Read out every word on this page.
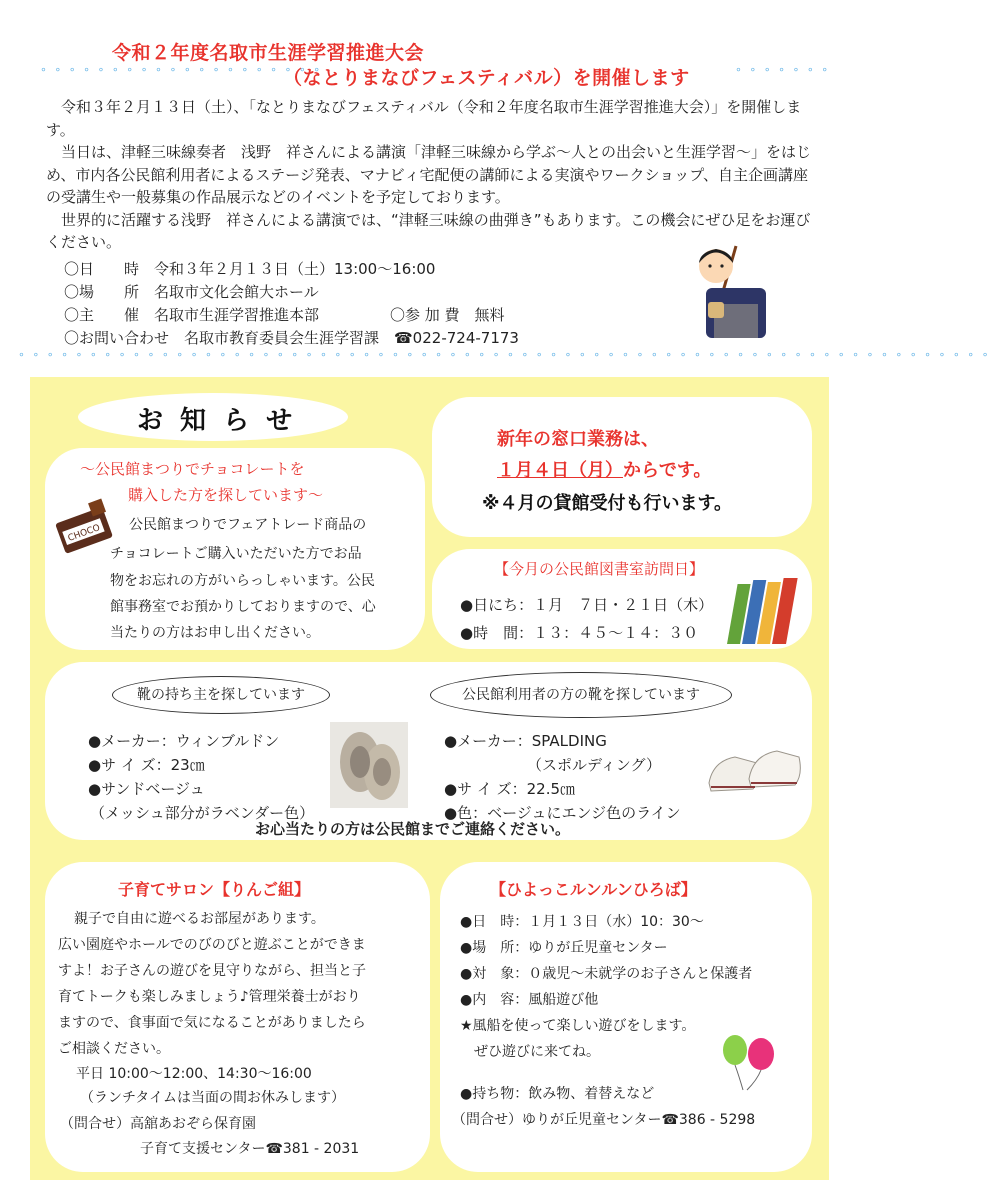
令和２年度名取市生涯学習推進大会
（なとりまなびフェスティバル）を開催します
∘ ∘ ∘ ∘ ∘ ∘ ∘ ∘ ∘ ∘ ∘ ∘ ∘ ∘ ∘ ∘ ∘ ∘ ∘ ∘	∘ ∘ ∘ ∘ ∘ ∘ ∘

令和３年２月１３日（土）、「なとりまなびフェスティバル（令和２年度名取市生涯学習推進大会）」を開催します。

当日は、津軽三味線奏者　浅野　祥さんによる講演「津軽三味線から学ぶ～人との出会いと生涯学習～」をはじめ、市内各公民館利用者によるステージ発表、マナビィ宅配便の講師による実演やワークショップ、自主企画講座の受講生や一般募集の作品展示などのイベントを予定しております。

世界的に活躍する浅野　祥さんによる講演では、“津軽三味線の曲弾き”もあります。この機会にぜひ足をお運びください。

〇日　　時　令和３年２月１３日（土）13:00～16:00
〇場　　所　名取市文化会館大ホール
〇主　　催　名取市生涯学習推進本部	〇参 加 費　無料
〇お問い合わせ　名取市教育委員会生涯学習課　☎022-724-7173
∘ ∘ ∘ ∘ ∘ ∘ ∘ ∘ ∘ ∘ ∘ ∘ ∘ ∘ ∘ ∘ ∘ ∘ ∘ ∘ ∘ ∘ ∘ ∘ ∘ ∘ ∘ ∘ ∘ ∘ ∘ ∘ ∘ ∘ ∘ ∘ ∘ ∘ ∘ ∘ ∘ ∘ ∘ ∘ ∘ ∘ ∘ ∘ ∘ ∘ ∘ ∘ ∘ ∘ ∘ ∘ ∘ ∘ ∘ ∘ ∘ ∘ ∘ ∘ ∘ ∘ ∘ ∘
お 知 ら せ
～公民館まつりでチョコレートを
購入した方を探しています～
CHOCO 公民館まつりでフェアトレード商品の
チョコレートご購入いただいた方でお品
物をお忘れの方がいらっしゃいます。公民
館事務室でお預かりしておりますので、心
当たりの方はお申し出ください。
新年の窓口業務は、
１月４日（月）からです。
※４月の貸館受付も行います。
【今月の公民館図書室訪問日】
●日にち：１月　７日・２１日（木）
●時　間：１３：４５～１４：３０
靴の持ち主を探しています	公民館利用者の方の靴を探しています
●メーカー：ウィンブルドン
●サ イ ズ：23㎝
●サンドベージュ
（メッシュ部分がラベンダー色）
●メーカー：SPALDING
（スポルディング）
●サ イ ズ：22.5㎝
●色：ベージュにエンジ色のライン
お心当たりの方は公民館までご連絡ください。
子育てサロン【りんご組】
親子で自由に遊べるお部屋があります。
広い園庭やホールでのびのびと遊ぶことができま
すよ！お子さんの遊びを見守りながら、担当と子
育てトークも楽しみましょう♪管理栄養士がおり
ますので、食事面で気になることがありましたら
ご相談ください。
平日 10:00～12:00、14:30～16:00
（ランチタイムは当面の間お休みします）
（問合せ）高舘あおぞら保育園
子育て支援センター☎381 - 2031
【ひよっこルンルンひろば】
●日　時：１月１３日（水）10：30～
●場　所：ゆりが丘児童センター
●対　象：０歳児～未就学のお子さんと保護者
●内　容：風船遊び他
★風船を使って楽しい遊びをします。
ぜひ遊びに来てね。
●持ち物：飲み物、着替えなど
（問合せ）ゆりが丘児童センター☎386 - 5298
